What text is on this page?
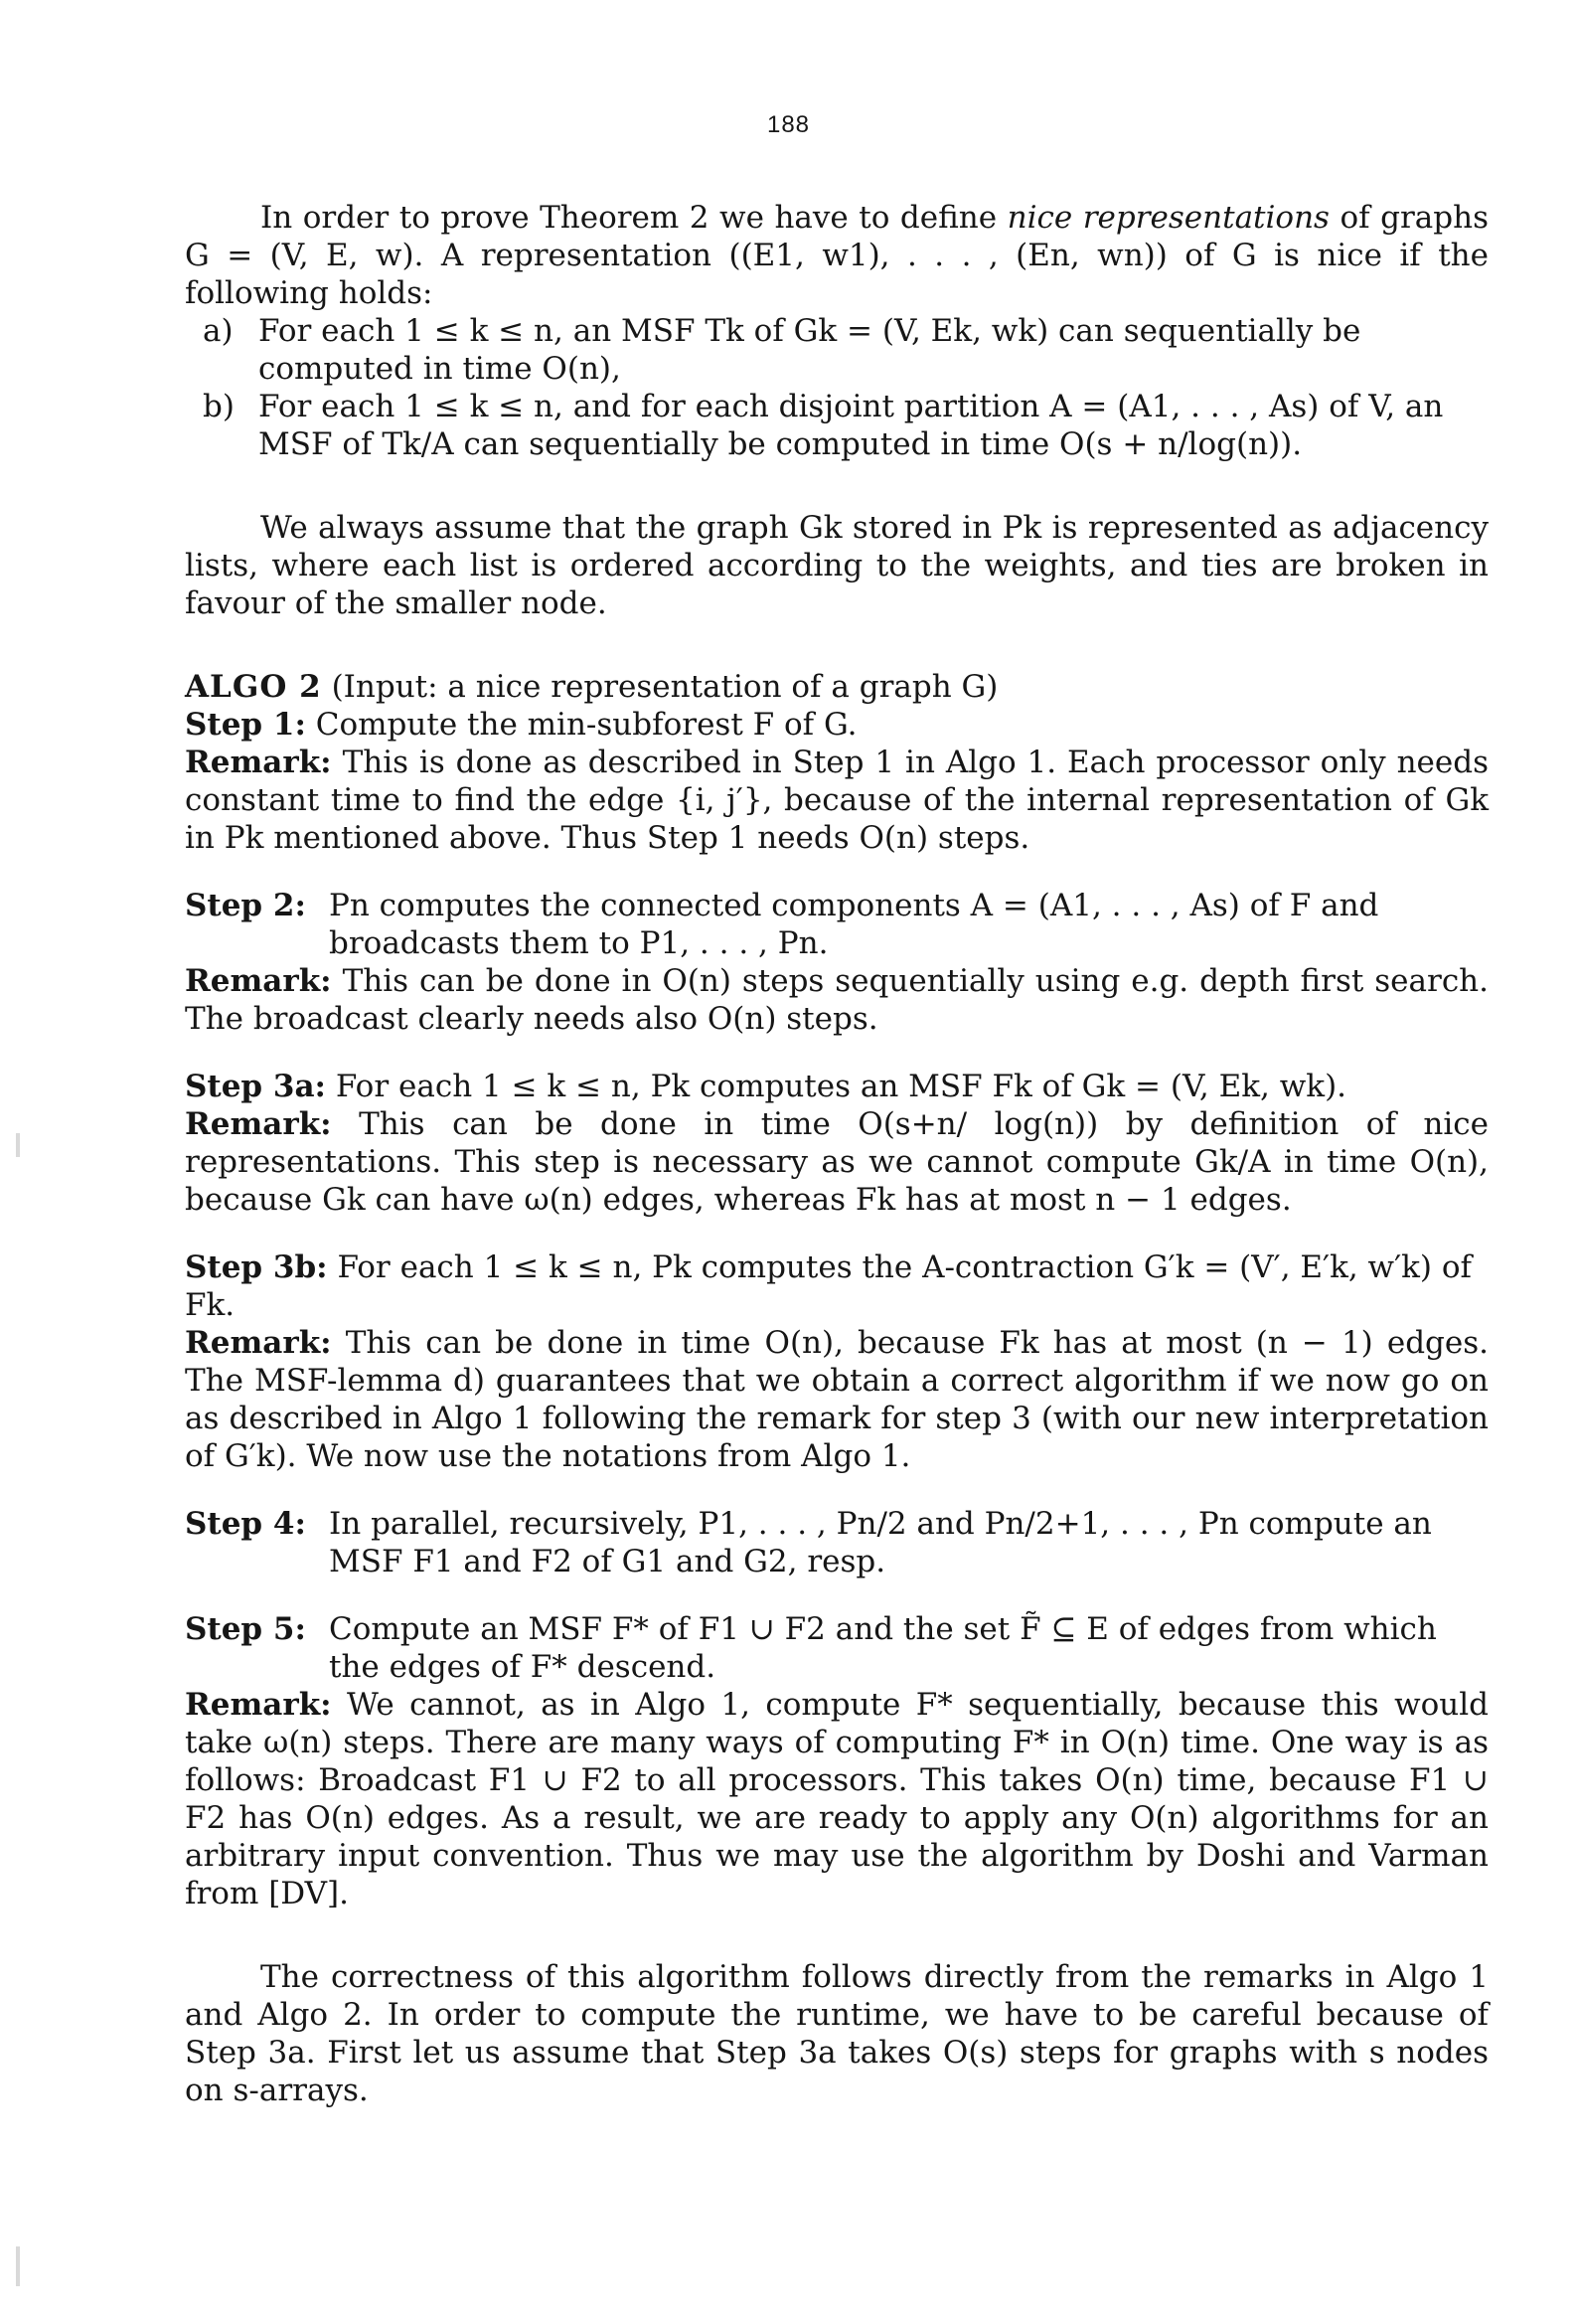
188

In order to prove Theorem 2 we have to define nice representations of graphs G = (V, E, w). A representation ((E1, w1), . . . , (En, wn)) of G is nice if the following holds:

a) For each 1 ≤ k ≤ n, an MSF Tk of Gk = (V, Ek, wk) can sequentially be computed in time O(n),

b) For each 1 ≤ k ≤ n, and for each disjoint partition A = (A1, . . . , As) of V, an MSF of Tk/A can sequentially be computed in time O(s + n/log(n)).

We always assume that the graph Gk stored in Pk is represented as adjacency lists, where each list is ordered according to the weights, and ties are broken in favour of the smaller node.

ALGO 2 (Input: a nice representation of a graph G)

Step 1: Compute the min-subforest F of G.

Remark: This is done as described in Step 1 in Algo 1. Each processor only needs constant time to find the edge {i, j′}, because of the internal representation of Gk in Pk mentioned above. Thus Step 1 needs O(n) steps.

Step 2: Pn computes the connected components A = (A1, . . . , As) of F and broadcasts them to P1, . . . , Pn.

Remark: This can be done in O(n) steps sequentially using e.g. depth first search. The broadcast clearly needs also O(n) steps.

Step 3a: For each 1 ≤ k ≤ n, Pk computes an MSF Fk of Gk = (V, Ek, wk).

Remark: This can be done in time O(s+n/ log(n)) by definition of nice representations. This step is necessary as we cannot compute Gk/A in time O(n), because Gk can have ω(n) edges, whereas Fk has at most n − 1 edges.

Step 3b: For each 1 ≤ k ≤ n, Pk computes the A-contraction G′k = (V′, E′k, w′k) of Fk.

Remark: This can be done in time O(n), because Fk has at most (n − 1) edges. The MSF-lemma d) guarantees that we obtain a correct algorithm if we now go on as described in Algo 1 following the remark for step 3 (with our new interpretation of G′k). We now use the notations from Algo 1.

Step 4: In parallel, recursively, P1, . . . , Pn/2 and Pn/2+1, . . . , Pn compute an MSF F1 and F2 of G1 and G2, resp.

Step 5: Compute an MSF F* of F1 ∪ F2 and the set F̃ ⊆ E of edges from which the edges of F* descend.

Remark: We cannot, as in Algo 1, compute F* sequentially, because this would take ω(n) steps. There are many ways of computing F* in O(n) time. One way is as follows: Broadcast F1 ∪ F2 to all processors. This takes O(n) time, because F1 ∪ F2 has O(n) edges. As a result, we are ready to apply any O(n) algorithms for an arbitrary input convention. Thus we may use the algorithm by Doshi and Varman from [DV].

The correctness of this algorithm follows directly from the remarks in Algo 1 and Algo 2. In order to compute the runtime, we have to be careful because of Step 3a. First let us assume that Step 3a takes O(s) steps for graphs with s nodes on s-arrays.
